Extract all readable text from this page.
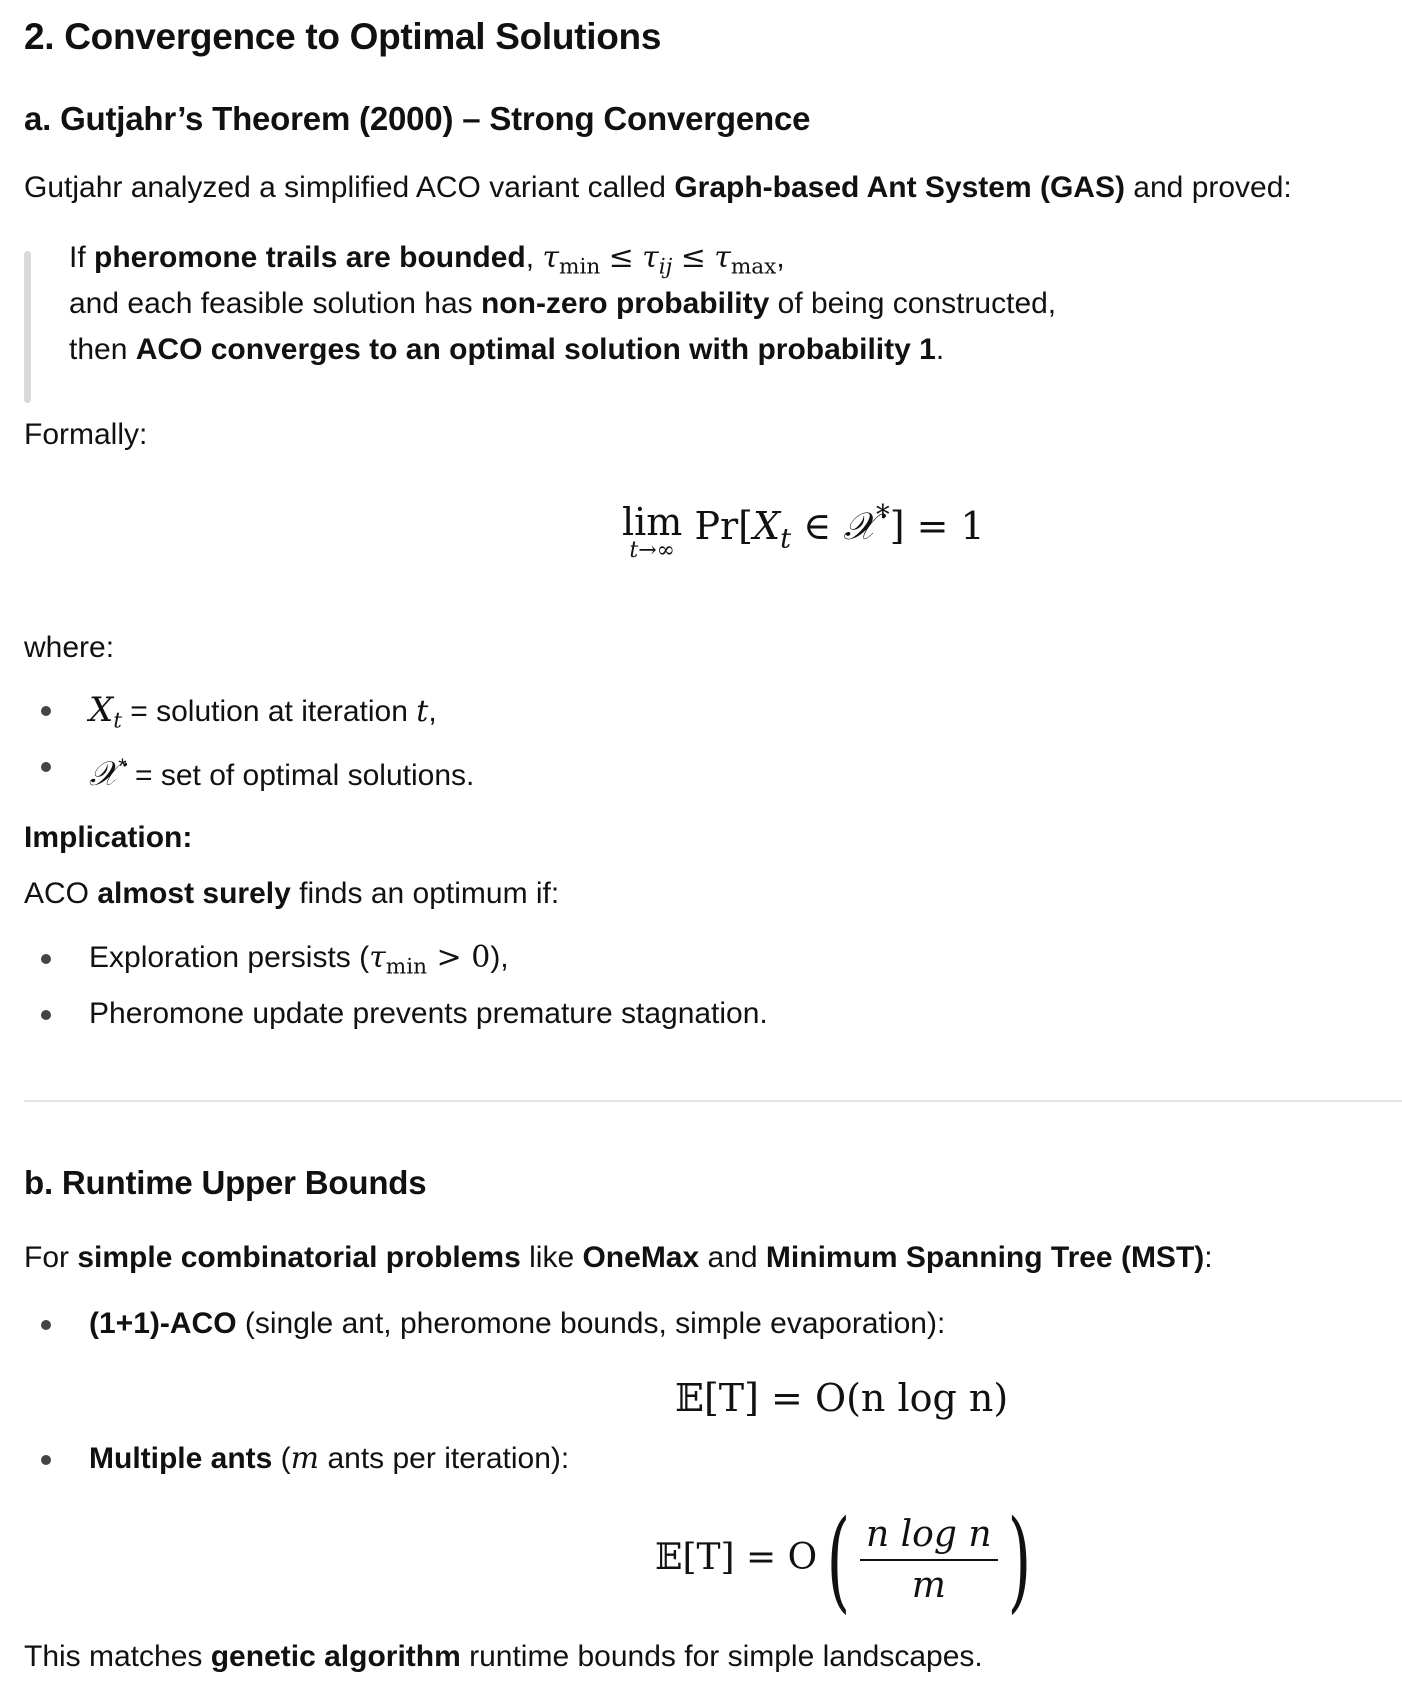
2. Convergence to Optimal Solutions
a. Gutjahr’s Theorem (2000) – Strong Convergence
Gutjahr analyzed a simplified ACO variant called Graph-based Ant System (GAS) and proved:
If pheromone trails are bounded, $\tau_{min} \le \tau_{ij} \le \tau_{max}$,
and each feasible solution has non-zero probability of being constructed,
then ACO converges to an optimal solution with probability 1.
Formally:
lim
t→∞
$Pr[X_t$ ∈ 𝒳*] = 1
where:
$X_t$ = solution at iteration t,
𝒳* = set of optimal solutions.
Implication:
ACO almost surely finds an optimum if:
Exploration persists $(\tau_{min} > 0)$,
Pheromone update prevents premature stagnation.
b. Runtime Upper Bounds
For simple combinatorial problems like OneMax and Minimum Spanning Tree (MST):
(1+1)-ACO (single ant, pheromone bounds, simple evaporation):
𝔼[T] = O(n log n)
Multiple ants (m ants per iteration):
𝔼[T] = $O( \frac{\text{n log n}}{m}$ )
This matches genetic algorithm runtime bounds for simple landscapes.
